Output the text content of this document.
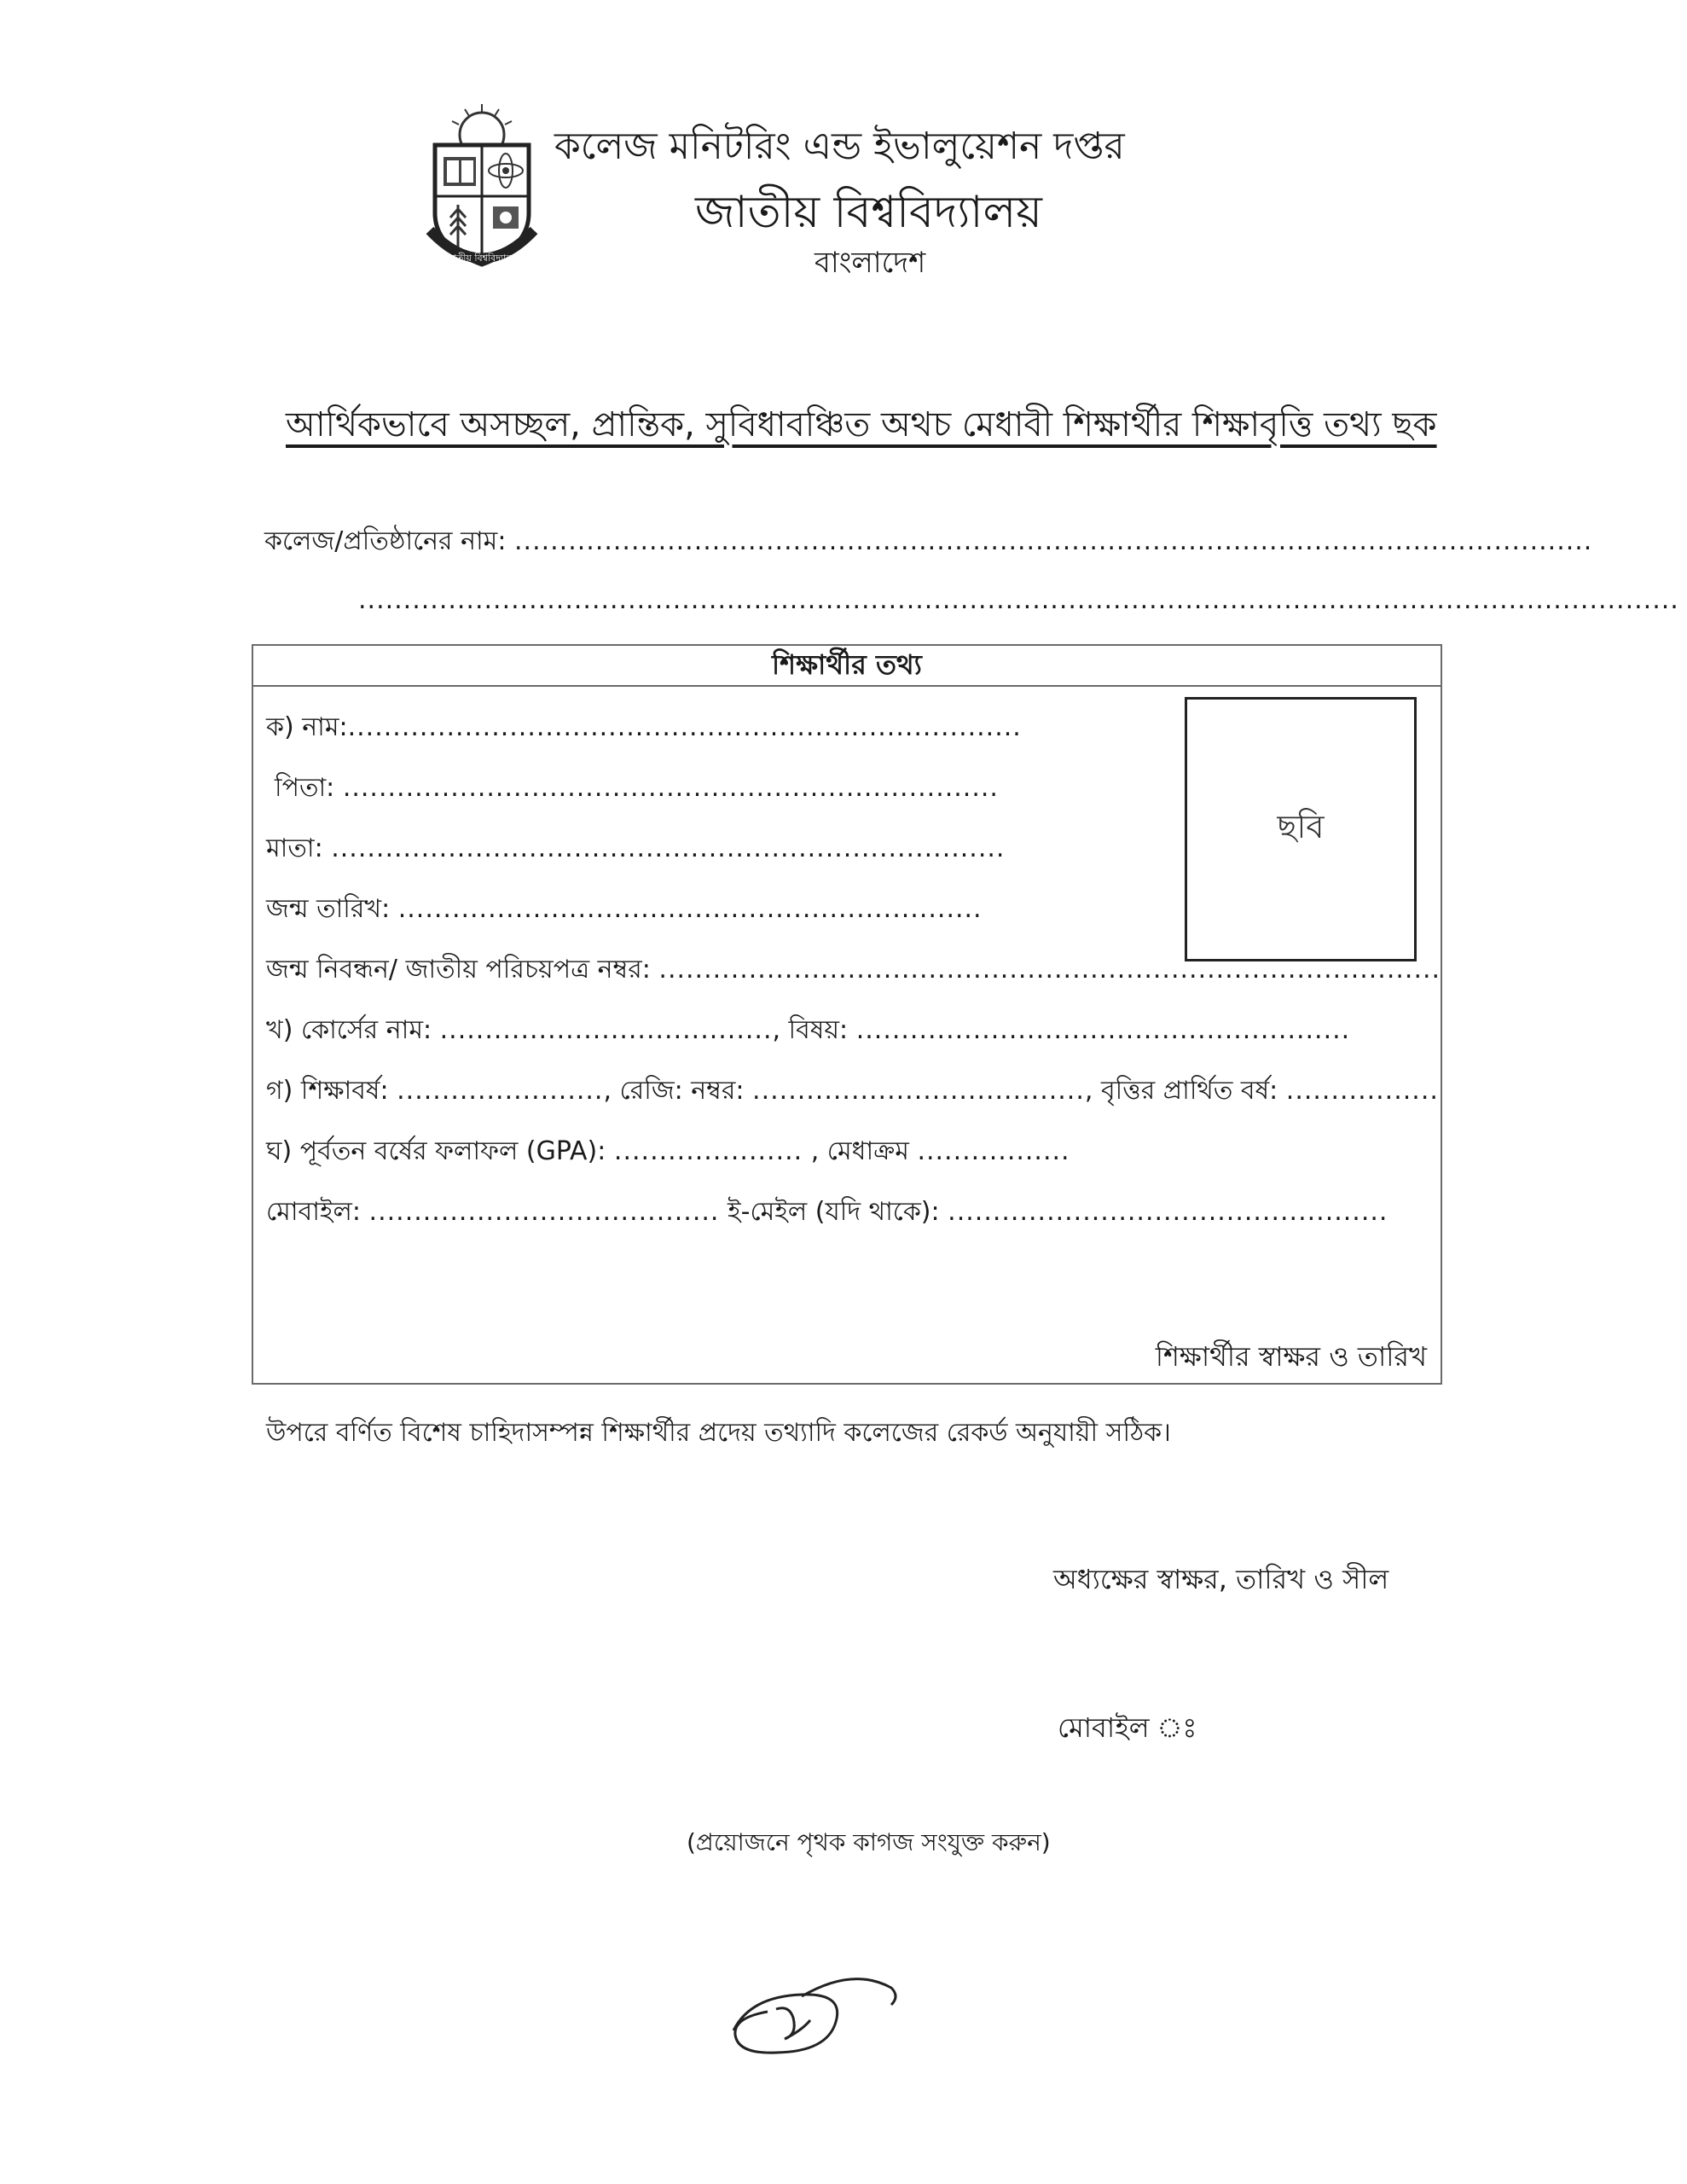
জাতীয় বিশ্ববিদ্যালয়
কলেজ মনিটরিং এন্ড ইভালুয়েশন দপ্তর
জাতীয় বিশ্ববিদ্যালয়
বাংলাদেশ
আর্থিকভাবে অসচ্ছল, প্রান্তিক, সুবিধাবঞ্চিত অথচ মেধাবী শিক্ষার্থীর শিক্ষাবৃত্তি তথ্য ছক
কলেজ/প্রতিষ্ঠানের নাম: ........................................................................................................................
...................................................................................................................................................
শিক্ষার্থীর তথ্য
ছবি
ক) নাম:...........................................................................
পিতা: .........................................................................
মাতা: ...........................................................................
জন্ম তারিখ: .................................................................
জন্ম নিবন্ধন/ জাতীয় পরিচয়পত্র নম্বর: .......................................................................................
খ) কোর্সের নাম: ....................................., বিষয়: .......................................................
গ) শিক্ষাবর্ষ: ......................., রেজি: নম্বর: ....................................., বৃত্তির প্রার্থিত বর্ষ: .................
ঘ) পূর্বতন বর্ষের ফলাফল (GPA): ..................... , মেধাক্রম .................
মোবাইল: ....................................... ই-মেইল (যদি থাকে): .................................................
শিক্ষার্থীর স্বাক্ষর ও তারিখ
উপরে বর্ণিত বিশেষ চাহিদাসম্পন্ন শিক্ষার্থীর প্রদেয় তথ্যাদি কলেজের রেকর্ড অনুযায়ী সঠিক।
অধ্যক্ষের স্বাক্ষর, তারিখ ও সীল
মোবাইল ঃ
(প্রয়োজনে পৃথক কাগজ সংযুক্ত করুন)
